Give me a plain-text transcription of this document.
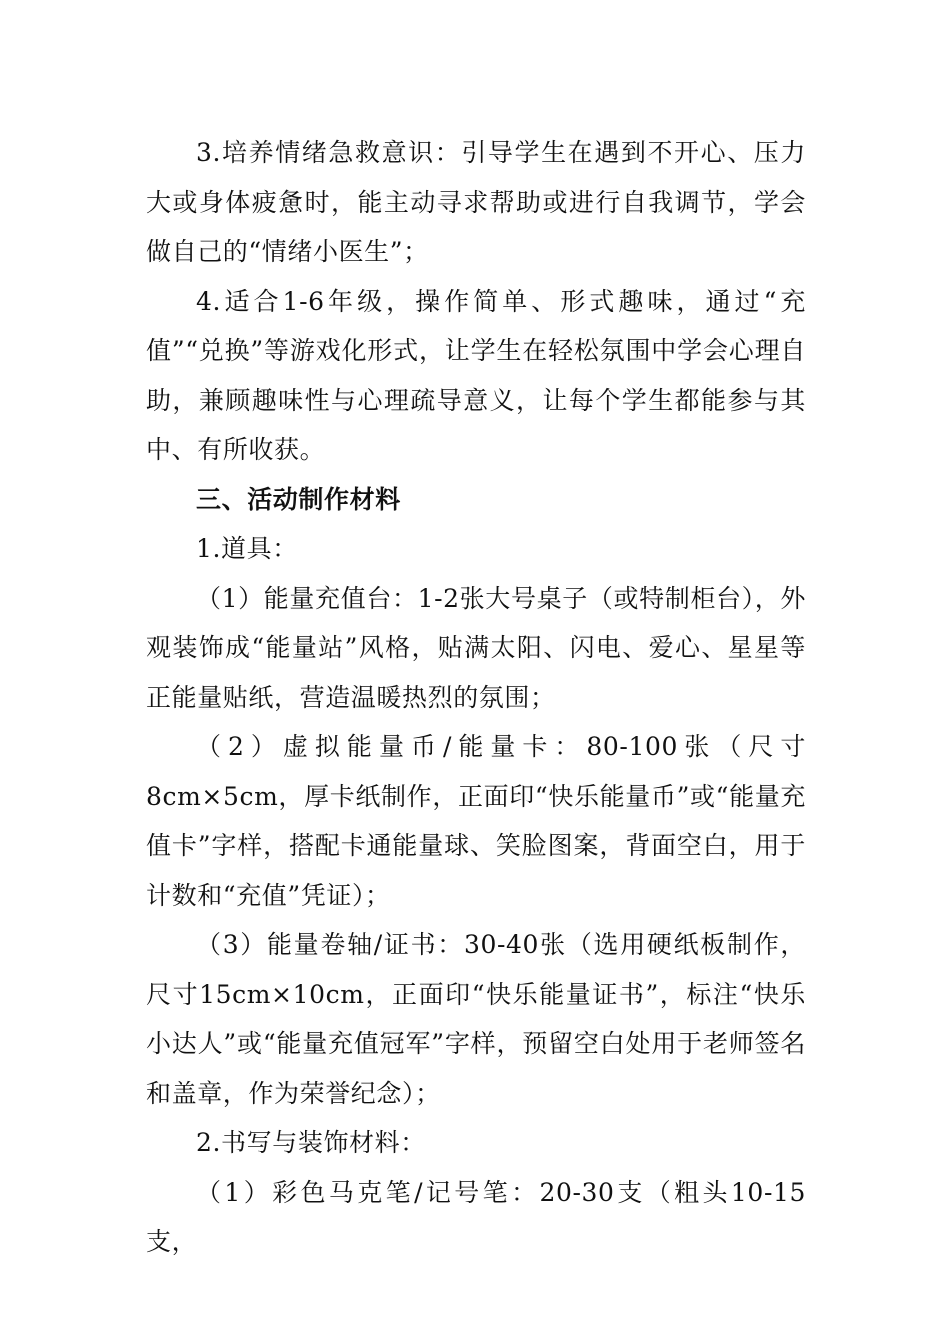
3.培养情绪急救意识：引导学生在遇到不开心、压力大或身体疲惫时，能主动寻求帮助或进行自我调节，学会做自己的“情绪小医生”；

4.适合1-6年级，操作简单、形式趣味，通过“充值”“兑换”等游戏化形式，让学生在轻松氛围中学会心理自助，兼顾趣味性与心理疏导意义，让每个学生都能参与其中、有所收获。

三、活动制作材料

1.道具：

（1）能量充值台：1-2张大号桌子（或特制柜台），外观装饰成“能量站”风格，贴满太阳、闪电、爱心、星星等正能量贴纸，营造温暖热烈的氛围；

（2）虚拟能量币/能量卡：80-100张（尺寸8cm×5cm，厚卡纸制作，正面印“快乐能量币”或“能量充值卡”字样，搭配卡通能量球、笑脸图案，背面空白，用于计数和“充值”凭证）；

（3）能量卷轴/证书：30-40张（选用硬纸板制作，尺寸15cm×10cm，正面印“快乐能量证书”，标注“快乐小达人”或“能量充值冠军”字样，预留空白处用于老师签名和盖章，作为荣誉纪念）；

2.书写与装饰材料：

（1）彩色马克笔/记号笔：20-30支（粗头10-15支，
